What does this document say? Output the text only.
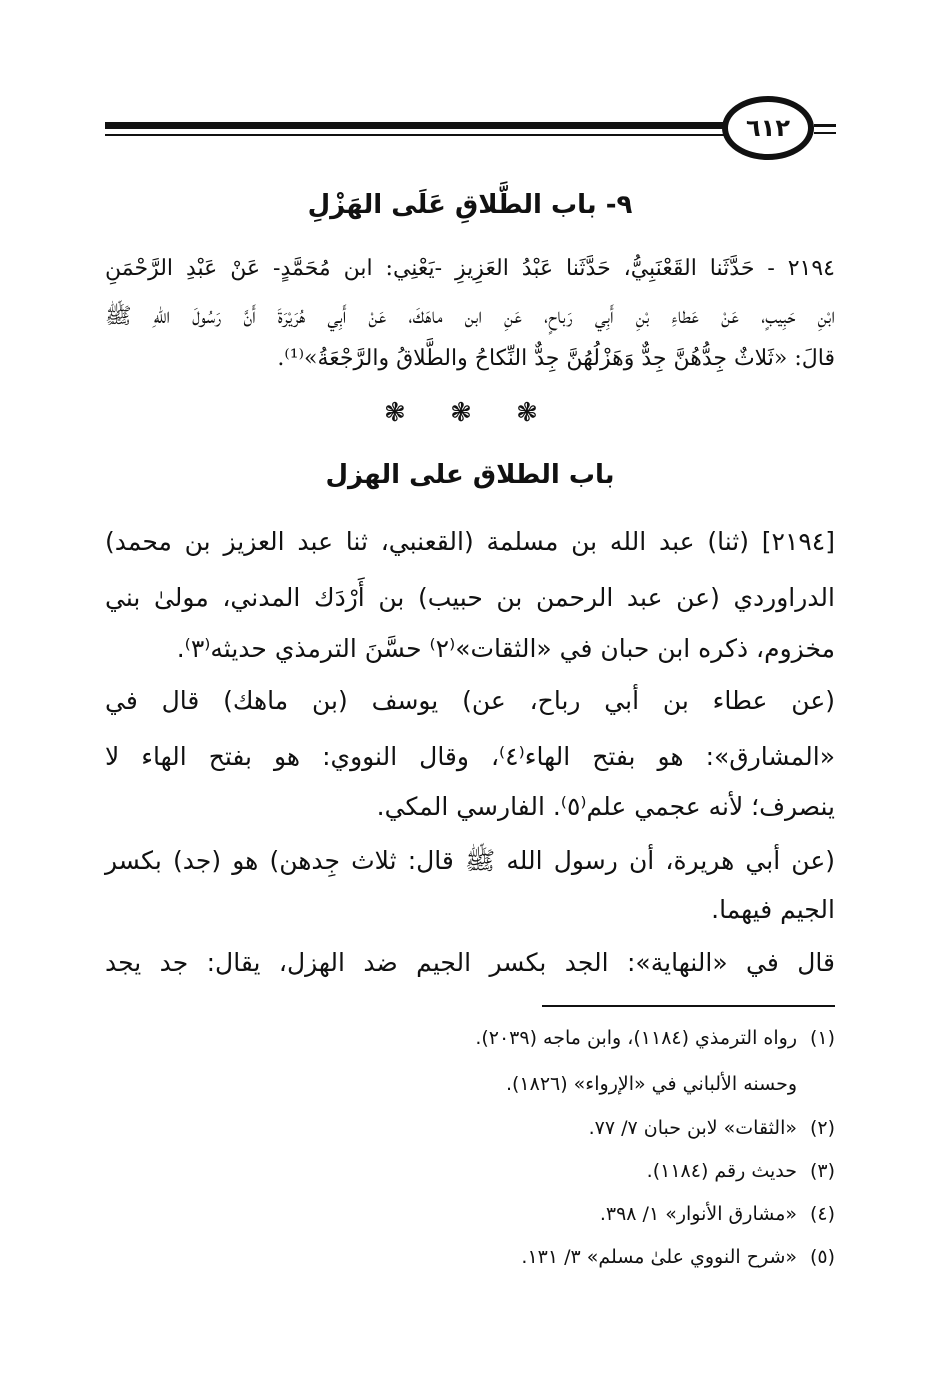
٦١٢
٩- باب الطَّلاقِ عَلَى الهَزْلِ
٢١٩٤ - حَدَّثَنا القَعْنَبِيُّ، حَدَّثَنا عَبْدُ العَزِيزِ -يَعْنِي: ابن مُحَمَّدٍ- عَنْ عَبْدِ الرَّحْمَنِ
ابْنِ حَبِيبٍ، عَنْ عَطاءِ بْنِ أَبِي رَباحٍ، عَنِ ابن ماهَكَ، عَنْ أَبِي هُرَيْرَةَ أَنَّ رَسُولَ اللهِ ﷺ
قالَ: «ثَلاثٌ جِدُّهُنَّ جِدٌّ وَهَزْلُهُنَّ جِدٌّ النِّكاحُ والطَّلاقُ والرَّجْعَةُ»⁽¹⁾.
❃ ❃ ❃
باب الطلاق على الهزل
[٢١٩٤] (ثنا) عبد الله بن مسلمة (القعنبي، ثنا عبد العزيز بن محمد)
الدراوردي (عن عبد الرحمن بن حبيب) بن أَرْدَك المدني، مولىٰ بني
مخزوم، ذكره ابن حبان في «الثقات»⁽٢⁾ حسَّنَ الترمذي حديثه⁽٣⁾.
(عن عطاء بن أبي رباح، عن) يوسف (بن ماهك) قال في
«المشارق»: هو بفتح الهاء⁽٤⁾، وقال النووي: هو بفتح الهاء لا
ينصرف؛ لأنه عجمي علم⁽٥⁾. الفارسي المكي.
(عن أبي هريرة، أن رسول الله ﷺ قال: ثلاث جِدهن) هو (جد) بكسر
الجيم فيهما.
قال في «النهاية»: الجد بكسر الجيم ضد الهزل، يقال: جد يجد
(١)رواه الترمذي (١١٨٤)، وابن ماجه (٢٠٣٩).
وحسنه الألباني في «الإرواء» (١٨٢٦).
(٢)«الثقات» لابن حبان ٧/ ٧٧.
(٣)حديث رقم (١١٨٤).
(٤)«مشارق الأنوار» ١/ ٣٩٨.
(٥)«شرح النووي علىٰ مسلم» ٣/ ١٣١.
